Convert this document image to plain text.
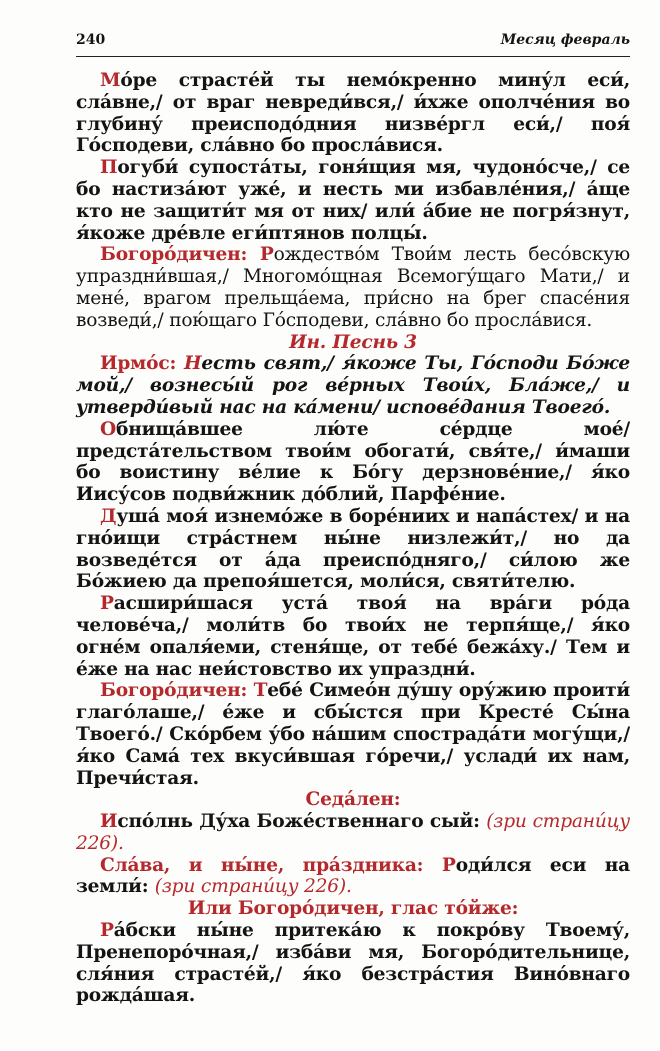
240	Месяц февраль

Мо́ре страсте́й ты немо́кренно мину́л еси́, сла́вне,/ от враг невреди́вся,/ и́хже ополче́ния во глубину́ преисподо́дния низве́ргл еси́,/ поя́ Го́сподеви, сла́вно бо просла́вися.

Погуби́ супоста́ты, гоня́щия мя, чудоно́сче,/ се бо настиза́ют уже́, и несть ми избавле́ния,/ а́ще кто не защити́т мя от них/ или́ а́бие не погря́знут, я́коже дре́вле еги́птянов полцы́.

Богоро́дичен: Рождество́м Твои́м лесть бесо́вскую упраздни́вшая,/ Многомо́щная Всемогу́щаго Мати,/ и мене́, врагом прельща́ема, при́сно на брег спасе́ния возведи́,/ пою́щаго Го́сподеви, сла́вно бо просла́вися.

Ин. Песнь 3

Ирмо́с: Несть свят,/ я́коже Ты, Го́споди Бо́же мой,/ вознесы́й рог ве́рных Твои́х, Бла́же,/ и утверди́вый нас на ка́мени/ испове́дания Твоего́.

Обнища́вшее лю́те се́рдце мое́/ предста́тельством твои́м обогати́, свя́те,/ и́маши бо воистину ве́лие к Бо́гу дерзнове́ние,/ я́ко Иису́сов подви́жник до́блий, Парфе́ние.

Душа́ моя́ изнемо́же в боре́ниих и напа́стех/ и на гно́ищи стра́стнем ны́не низлежи́т,/ но да возведе́тся от а́да преиспо́дняго,/ си́лою же Бо́жиею да препоя́шется, моли́ся, святи́телю.

Расшири́шася уста́ твоя́ на вра́ги ро́да челове́ча,/ моли́тв бо твои́х не терпя́ще,/ я́ко огне́м опаля́еми, стеня́ще, от тебе́ бежа́ху./ Тем и е́же на нас неи́стовство их упраздни́.

Богоро́дичен: Тебе́ Симео́н ду́шу ору́жию проити́ глаго́лаше,/ е́же и сбы́стся при Кресте́ Сы́на Твоего́./ Ско́рбем у́бо на́шим спострада́ти могу́щи,/ я́ко Сама́ тех вкуси́вшая го́речи,/ услади́ их нам, Пречи́стая.

Седа́лен:

Испо́лнь Ду́ха Боже́ственнаго сый: (зри страни́цу 226).

Сла́ва, и ны́не, пра́здника: Роди́лся еси на земли́: (зри страни́цу 226).

Или Богоро́дичен, глас то́йже:

Ра́бски ны́не притека́ю к покро́ву Твоему́, Пренепоро́чная,/ изба́ви мя, Богоро́дительнице, сля́ния страсте́й,/ я́ко безстра́стия Вино́внаго рожда́шая.
